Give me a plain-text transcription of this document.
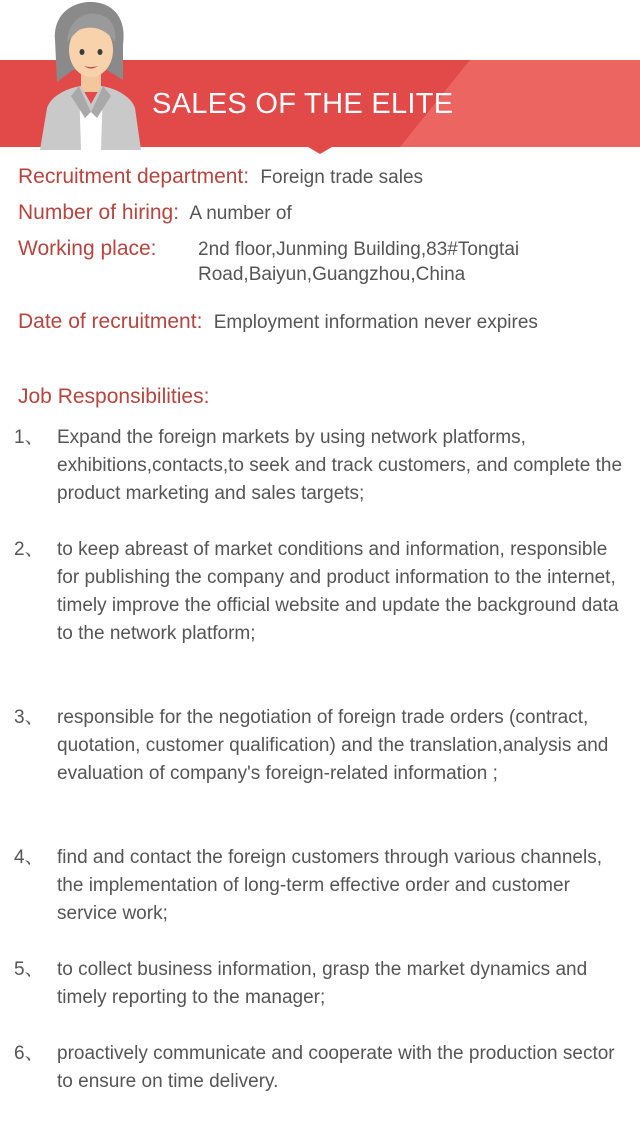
SALES OF THE ELITE
Recruitment department: Foreign trade sales
Number of hiring: A number of
Working place: 2nd floor,Junming Building,83#Tongtai Road,Baiyun,Guangzhou,China
Date of recruitment: Employment information never expires
Job Responsibilities:
1、 Expand the foreign markets by using network platforms, exhibitions,contacts,to seek and track customers, and complete the product marketing and sales targets;
2、 to keep abreast of market conditions and information, responsible for publishing the company and product information to the internet, timely improve the official website and update the background data to the network platform;
3、 responsible for the negotiation of foreign trade orders (contract, quotation, customer qualification) and the translation,analysis and evaluation of company's foreign-related information ;
4、 find and contact the foreign customers through various channels, the implementation of long-term effective order and customer service work;
5、 to collect business information, grasp the market dynamics and timely reporting to the manager;
6、 proactively communicate and cooperate with the production sector to ensure on time delivery.
